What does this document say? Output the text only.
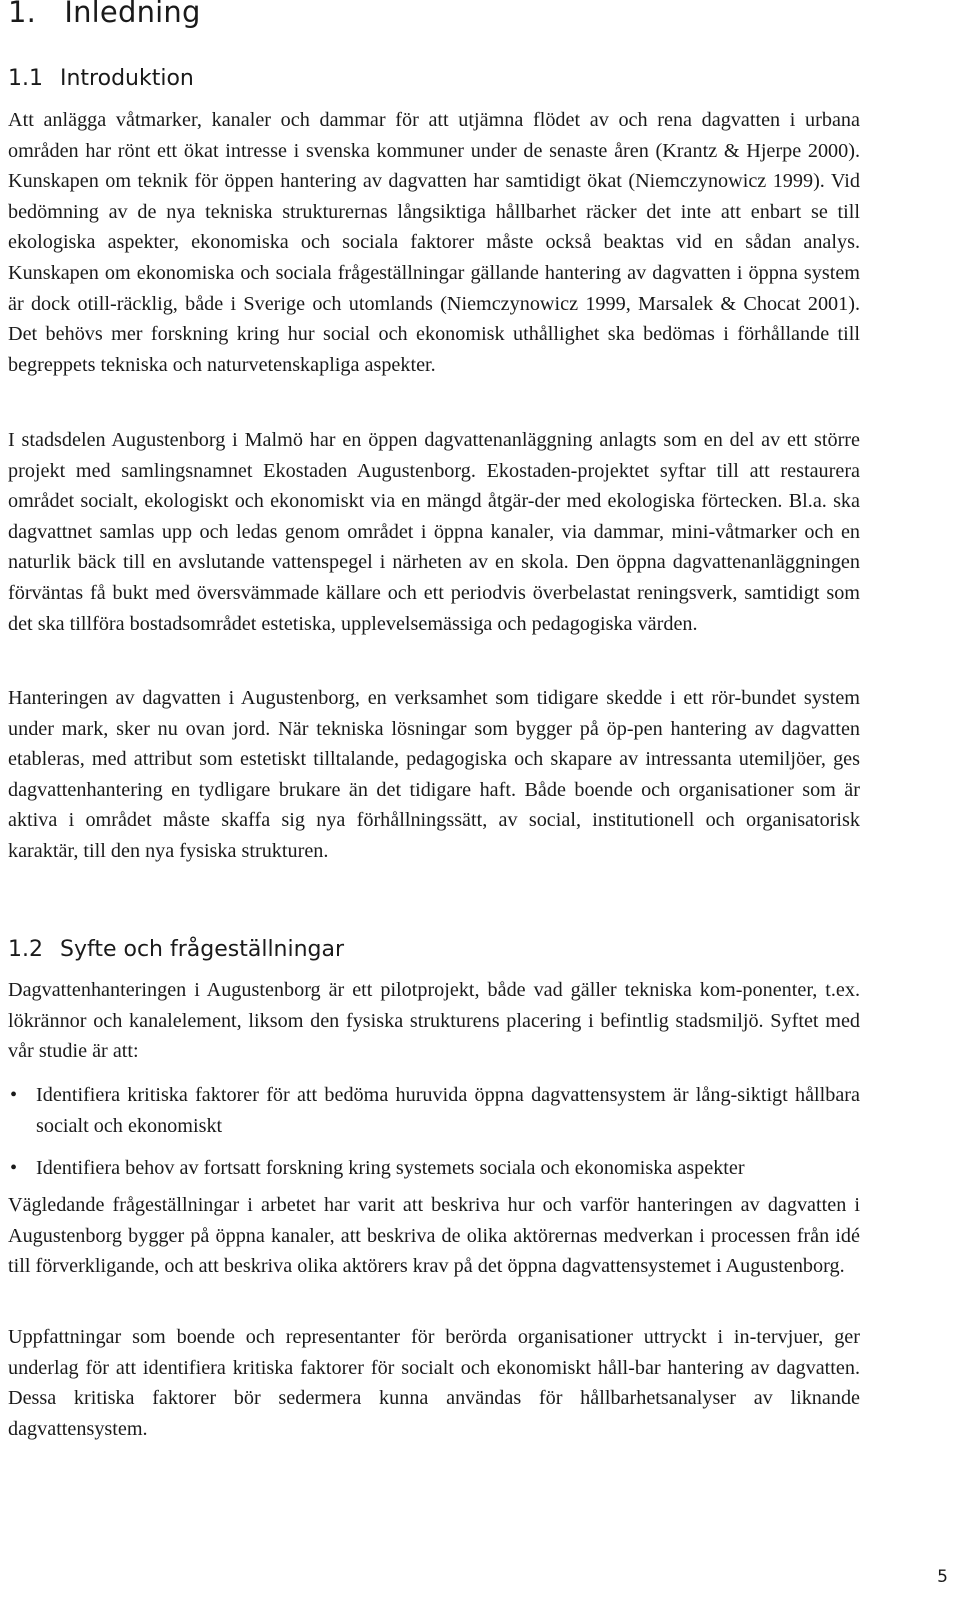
1. Inledning
1.1 Introduktion

Att anlägga våtmarker, kanaler och dammar för att utjämna flödet av och rena dagvatten i urbana områden har rönt ett ökat intresse i svenska kommuner under de senaste åren (Krantz & Hjerpe 2000). Kunskapen om teknik för öppen hantering av dagvatten har samtidigt ökat (Niemczynowicz 1999). Vid bedömning av de nya tekniska strukturernas långsiktiga hållbarhet räcker det inte att enbart se till ekologiska aspekter, ekonomiska och sociala faktorer måste också beaktas vid en sådan analys. Kunskapen om ekonomiska och sociala frågeställningar gällande hantering av dagvatten i öppna system är dock otill-räcklig, både i Sverige och utomlands (Niemczynowicz 1999, Marsalek & Chocat 2001). Det behövs mer forskning kring hur social och ekonomisk uthållighet ska bedömas i förhållande till begreppets tekniska och naturvetenskapliga aspekter.

I stadsdelen Augustenborg i Malmö har en öppen dagvattenanläggning anlagts som en del av ett större projekt med samlingsnamnet Ekostaden Augustenborg. Ekostaden-projektet syftar till att restaurera området socialt, ekologiskt och ekonomiskt via en mängd åtgär-der med ekologiska förtecken. Bl.a. ska dagvattnet samlas upp och ledas genom området i öppna kanaler, via dammar, mini-våtmarker och en naturlik bäck till en avslutande vattenspegel i närheten av en skola. Den öppna dagvattenanläggningen förväntas få bukt med översvämmade källare och ett periodvis överbelastat reningsverk, samtidigt som det ska tillföra bostadsområdet estetiska, upplevelsemässiga och pedagogiska värden.

Hanteringen av dagvatten i Augustenborg, en verksamhet som tidigare skedde i ett rör-bundet system under mark, sker nu ovan jord. När tekniska lösningar som bygger på öp-pen hantering av dagvatten etableras, med attribut som estetiskt tilltalande, pedagogiska och skapare av intressanta utemiljöer, ges dagvattenhantering en tydligare brukare än det tidigare haft. Både boende och organisationer som är aktiva i området måste skaffa sig nya förhållningssätt, av social, institutionell och organisatorisk karaktär, till den nya fysiska strukturen.

1.2 Syfte och frågeställningar

Dagvattenhanteringen i Augustenborg är ett pilotprojekt, både vad gäller tekniska kom-ponenter, t.ex. lökrännor och kanalelement, liksom den fysiska strukturens placering i befintlig stadsmiljö. Syftet med vår studie är att:

• Identifiera kritiska faktorer för att bedöma huruvida öppna dagvattensystem är lång-siktigt hållbara socialt och ekonomiskt
• Identifiera behov av fortsatt forskning kring systemets sociala och ekonomiska aspekter

Vägledande frågeställningar i arbetet har varit att beskriva hur och varför hanteringen av dagvatten i Augustenborg bygger på öppna kanaler, att beskriva de olika aktörernas medverkan i processen från idé till förverkligande, och att beskriva olika aktörers krav på det öppna dagvattensystemet i Augustenborg.

Uppfattningar som boende och representanter för berörda organisationer uttryckt i in-tervjuer, ger underlag för att identifiera kritiska faktorer för socialt och ekonomiskt håll-bar hantering av dagvatten. Dessa kritiska faktorer bör sedermera kunna användas för hållbarhetsanalyser av liknande dagvattensystem.

5
